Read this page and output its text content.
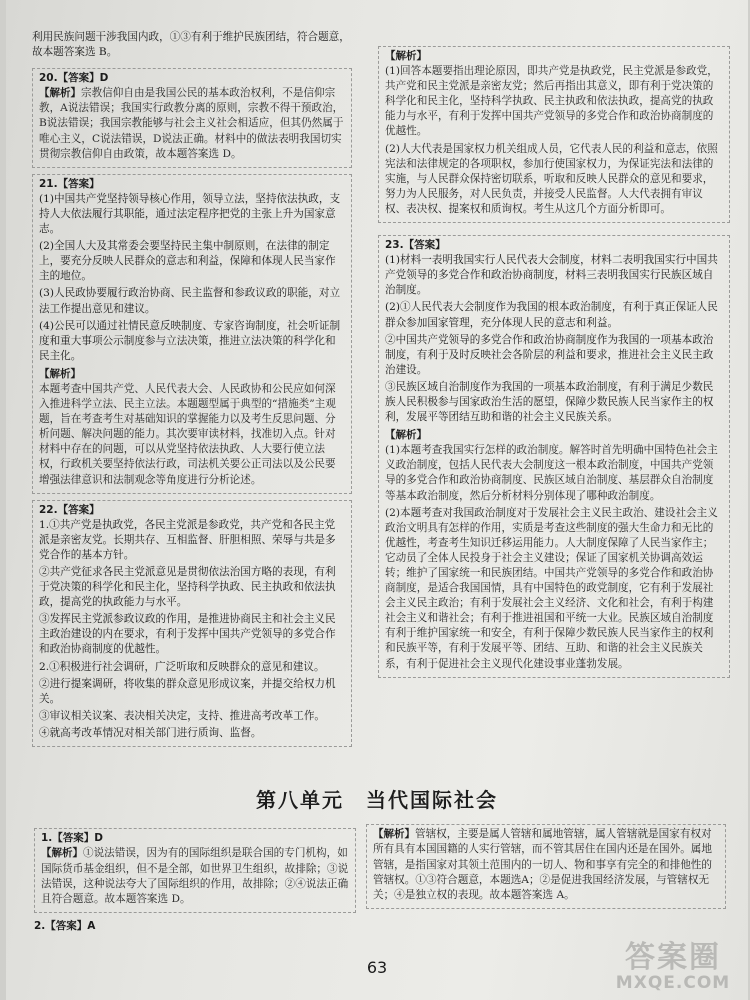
利用民族问题干涉我国内政，①③有利于维护民族团结，符合题意，故本题答案选 B。
20.【答案】D
【解析】宗教信仰自由是我国公民的基本政治权利，不是信仰宗教，A说法错误；我国实行政教分离的原则，宗教不得干预政治，B说法错误；我国宗教能够与社会主义社会相适应，但其仍然属于唯心主义，C说法错误，D说法正确。材料中的做法表明我国切实贯彻宗教信仰自由政策，故本题答案选 D。
21.【答案】
(1)中国共产党坚持领导核心作用，领导立法，坚持依法执政，支持人大依法履行其职能，通过法定程序把党的主张上升为国家意志。
(2)全国人大及其常委会要坚持民主集中制原则，在法律的制定上，要充分反映人民群众的意志和利益，保障和体现人民当家作主的地位。
(3)人民政协要履行政治协商、民主监督和参政议政的职能，对立法工作提出意见和建议。
(4)公民可以通过社情民意反映制度、专家咨询制度，社会听证制度和重大事项公示制度参与立法决策，推进立法决策的科学化和民主化。
【解析】
本题考查中国共产党、人民代表大会、人民政协和公民应如何深入推进科学立法、民主立法。本题题型属于典型的“措施类”主观题，旨在考查考生对基础知识的掌握能力以及考生反思问题、分析问题、解决问题的能力。其次要审读材料，找准切入点。针对材料中存在的问题，可以从党坚持依法执政、人大要行使立法权，行政机关要坚持依法行政，司法机关要公正司法以及公民要增强法律意识和法制观念等角度进行分析论述。
22.【答案】
1.①共产党是执政党，各民主党派是参政党，共产党和各民主党派是亲密友党。长期共存、互相监督、肝胆相照、荣辱与共是多党合作的基本方针。
②共产党征求各民主党派意见是贯彻依法治国方略的表现，有利于党决策的科学化和民主化，坚持科学执政、民主执政和依法执政，提高党的执政能力与水平。
③发挥民主党派参政议政的作用，是推进协商民主和社会主义民主政治建设的内在要求，有利于发挥中国共产党领导的多党合作和政治协商制度的优越性。
2.①积极进行社会调研，广泛听取和反映群众的意见和建议。
②进行提案调研，将收集的群众意见形成议案，并提交给权力机关。
③审议相关议案、表决相关决定，支持、推进高考改革工作。
④就高考改革情况对相关部门进行质询、监督。
【解析】
(1)回答本题要指出理论原因，即共产党是执政党，民主党派是参政党，共产党和民主党派是亲密友党；然后再指出其意义，即有利于党决策的科学化和民主化，坚持科学执政、民主执政和依法执政，提高党的执政能力与水平，有利于发挥中国共产党领导的多党合作和政治协商制度的优越性。
(2)人大代表是国家权力机关组成人员，它代表人民的利益和意志，依照宪法和法律规定的各项职权，参加行使国家权力，为保证宪法和法律的实施，与人民群众保持密切联系，听取和反映人民群众的意见和要求，努力为人民服务，对人民负责，并接受人民监督。人大代表拥有审议权、表决权、提案权和质询权。考生从这几个方面分析即可。
23.【答案】
(1)材料一表明我国实行人民代表大会制度，材料二表明我国实行中国共产党领导的多党合作和政治协商制度，材料三表明我国实行民族区域自治制度。
(2)①人民代表大会制度作为我国的根本政治制度，有利于真正保证人民群众参加国家管理，充分体现人民的意志和利益。
②中国共产党领导的多党合作和政治协商制度作为我国的一项基本政治制度，有利于及时反映社会各阶层的利益和要求，推进社会主义民主政治建设。
③民族区域自治制度作为我国的一项基本政治制度，有利于满足少数民族人民积极参与国家政治生活的愿望，保障少数民族人民当家作主的权利，发展平等团结互助和谐的社会主义民族关系。
【解析】
(1)本题考查我国实行怎样的政治制度。解答时首先明确中国特色社会主义政治制度，包括人民代表大会制度这一根本政治制度，中国共产党领导的多党合作和政治协商制度、民族区域自治制度、基层群众自治制度等基本政治制度，然后分析材料分别体现了哪种政治制度。
(2)本题考查对我国政治制度对于发展社会主义民主政治、建设社会主义政治文明具有怎样的作用，实质是考查这些制度的强大生命力和无比的优越性，考查考生知识迁移运用能力。人大制度保障了人民当家作主；它动员了全体人民投身于社会主义建设；保证了国家机关协调高效运转；维护了国家统一和民族团结。中国共产党领导的多党合作和政治协商制度，是适合我国国情，具有中国特色的政党制度，它有利于发展社会主义民主政治；有利于发展社会主义经济、文化和社会，有利于构建社会主义和谐社会；有利于推进祖国和平统一大业。民族区域自治制度有利于维护国家统一和安全，有利于保障少数民族人民当家作主的权利和民族平等，有利于发展平等、团结、互助、和谐的社会主义民族关系，有利于促进社会主义现代化建设事业蓬勃发展。
第八单元　当代国际社会
1.【答案】D
【解析】①说法错误，因为有的国际组织是联合国的专门机构，如国际货币基金组织，但不是全部，如世界卫生组织，故排除；③说法错误，这种说法夸大了国际组织的作用，故排除；②④说法正确且符合题意。故本题答案选 D。
2.【答案】A
【解析】管辖权，主要是属人管辖和属地管辖，属人管辖就是国家有权对所有具有本国国籍的人实行管辖，而不管其居住在国内还是在国外。属地管辖，是指国家对其领土范围内的一切人、物和事享有完全的和排他性的管辖权。①③符合题意，本题选A；②是促进我国经济发展，与管辖权无关；④是独立权的表现。故本题答案选 A。
63	答案圈
MXQE.COM
